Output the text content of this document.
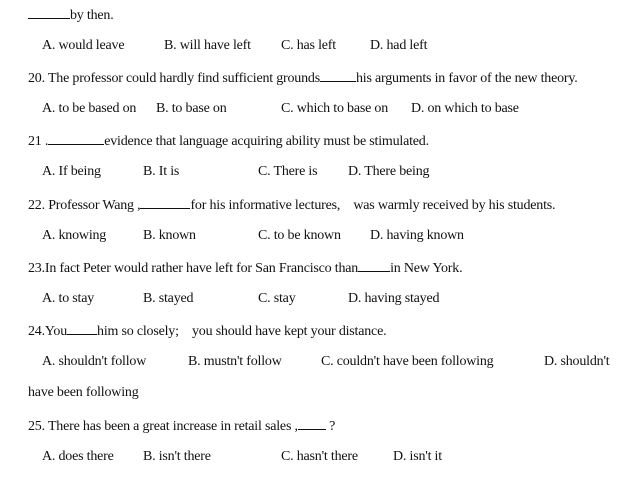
by then.
A. would leave	B. will have left C. has left D. had left
20. The professor could hardly find sufficient grounds	his arguments in favor of the new theory.
A. to be based on B. to base on	C. which to base on D. on which to base
21 .	evidence that language acquiring ability must be stimulated.
A. If being	B. It is	C. There is D. There being
22. Professor Wang ,	for his informative lectures,    was warmly received by his students.
A. knowing	B. known	C. to be known D. having known
23.In fact Peter would rather have left for San Francisco than in New York.
A. to stay	B. stayed	C. stay	D. having stayed
24.You him so closely;    you should have kept your distance.
A. shouldn't follow	B. mustn't follow	C. couldn't have been following	D. shouldn't
have been following
25. There has been a great increase in retail sales , ?
A. does there B. isn't there	C. hasn't there	D. isn't it
